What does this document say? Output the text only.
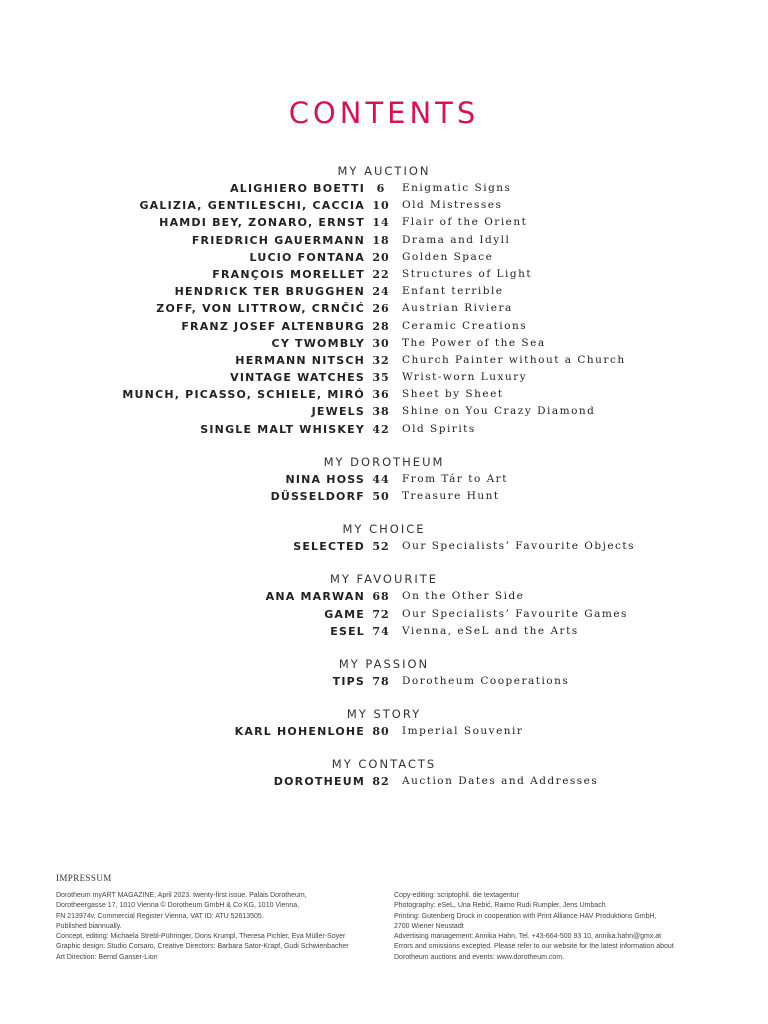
CONTENTS
MY AUCTION
ALIGHIERO BOETTI	6	Enigmatic Signs
GALIZIA, GENTILESCHI, CACCIA 10	Old Mistresses
HAMDI BEY, ZONARO, ERNST 14	Flair of the Orient
FRIEDRICH GAUERMANN 18	Drama and Idyll
LUCIO FONTANA 20	Golden Space
FRANÇOIS MORELLET 22	Structures of Light
HENDRICK TER BRUGGHEN 24	Enfant terrible
ZOFF, VON LITTROW, CRNČIĆ 26	Austrian Riviera
FRANZ JOSEF ALTENBURG 28	Ceramic Creations
CY TWOMBLY 30	The Power of the Sea
HERMANN NITSCH 32	Church Painter without a Church
VINTAGE WATCHES 35	Wrist-worn Luxury
MUNCH, PICASSO, SCHIELE, MIRÓ 36	Sheet by Sheet
JEWELS 38	Shine on You Crazy Diamond
SINGLE MALT WHISKEY 42	Old Spirits
MY DOROTHEUM
NINA HOSS 44	From Tár to Art
DÜSSELDORF 50	Treasure Hunt
MY CHOICE
SELECTED 52	Our Specialists’ Favourite Objects
MY FAVOURITE
ANA MARWAN 68	On the Other Side
GAME 72	Our Specialists’ Favourite Games
ESEL 74	Vienna, eSeL and the Arts
MY PASSION
TIPS 78	Dorotheum Cooperations
MY STORY
KARL HOHENLOHE 80	Imperial Souvenir
MY CONTACTS
DOROTHEUM 82	Auction Dates and Addresses
IMPRESSUM
Dorotheum myART MAGAZINE, April 2023. twenty-first issue. Palais Dorotheum,
Dorotheergasse 17, 1010 Vienna © Dorotheum GmbH & Co KG, 1010 Vienna,
FN 213974v, Commercial Register Vienna, VAT ID: ATU 52613505.
Published biannually.
Concept, editing: Michaela Strebl-Pühringer, Doris Krumpl, Theresa Pichler, Eva Müller-Soyer
Graphic design: Studio Corsaro, Creative Directors: Barbara Sator-Krapf, Gudi Schwienbacher
Art Direction: Bernd Ganser-Lion
Copy-editing: scriptophil. die textagentur
Photography: eSeL, Una Rebić, Raimo Rudi Rumpler, Jens Umbach
Printing: Gutenberg Druck in cooperation with Print Alliance HAV Produktions GmbH,
2700 Wiener Neustadt
Advertising management: Annika Hahn, Tel. +43-664-500 93 10, annika.hahn@gmx.at
Errors and omissions excepted. Please refer to our website for the latest information about
Dorotheum auctions and events: www.dorotheum.com.
